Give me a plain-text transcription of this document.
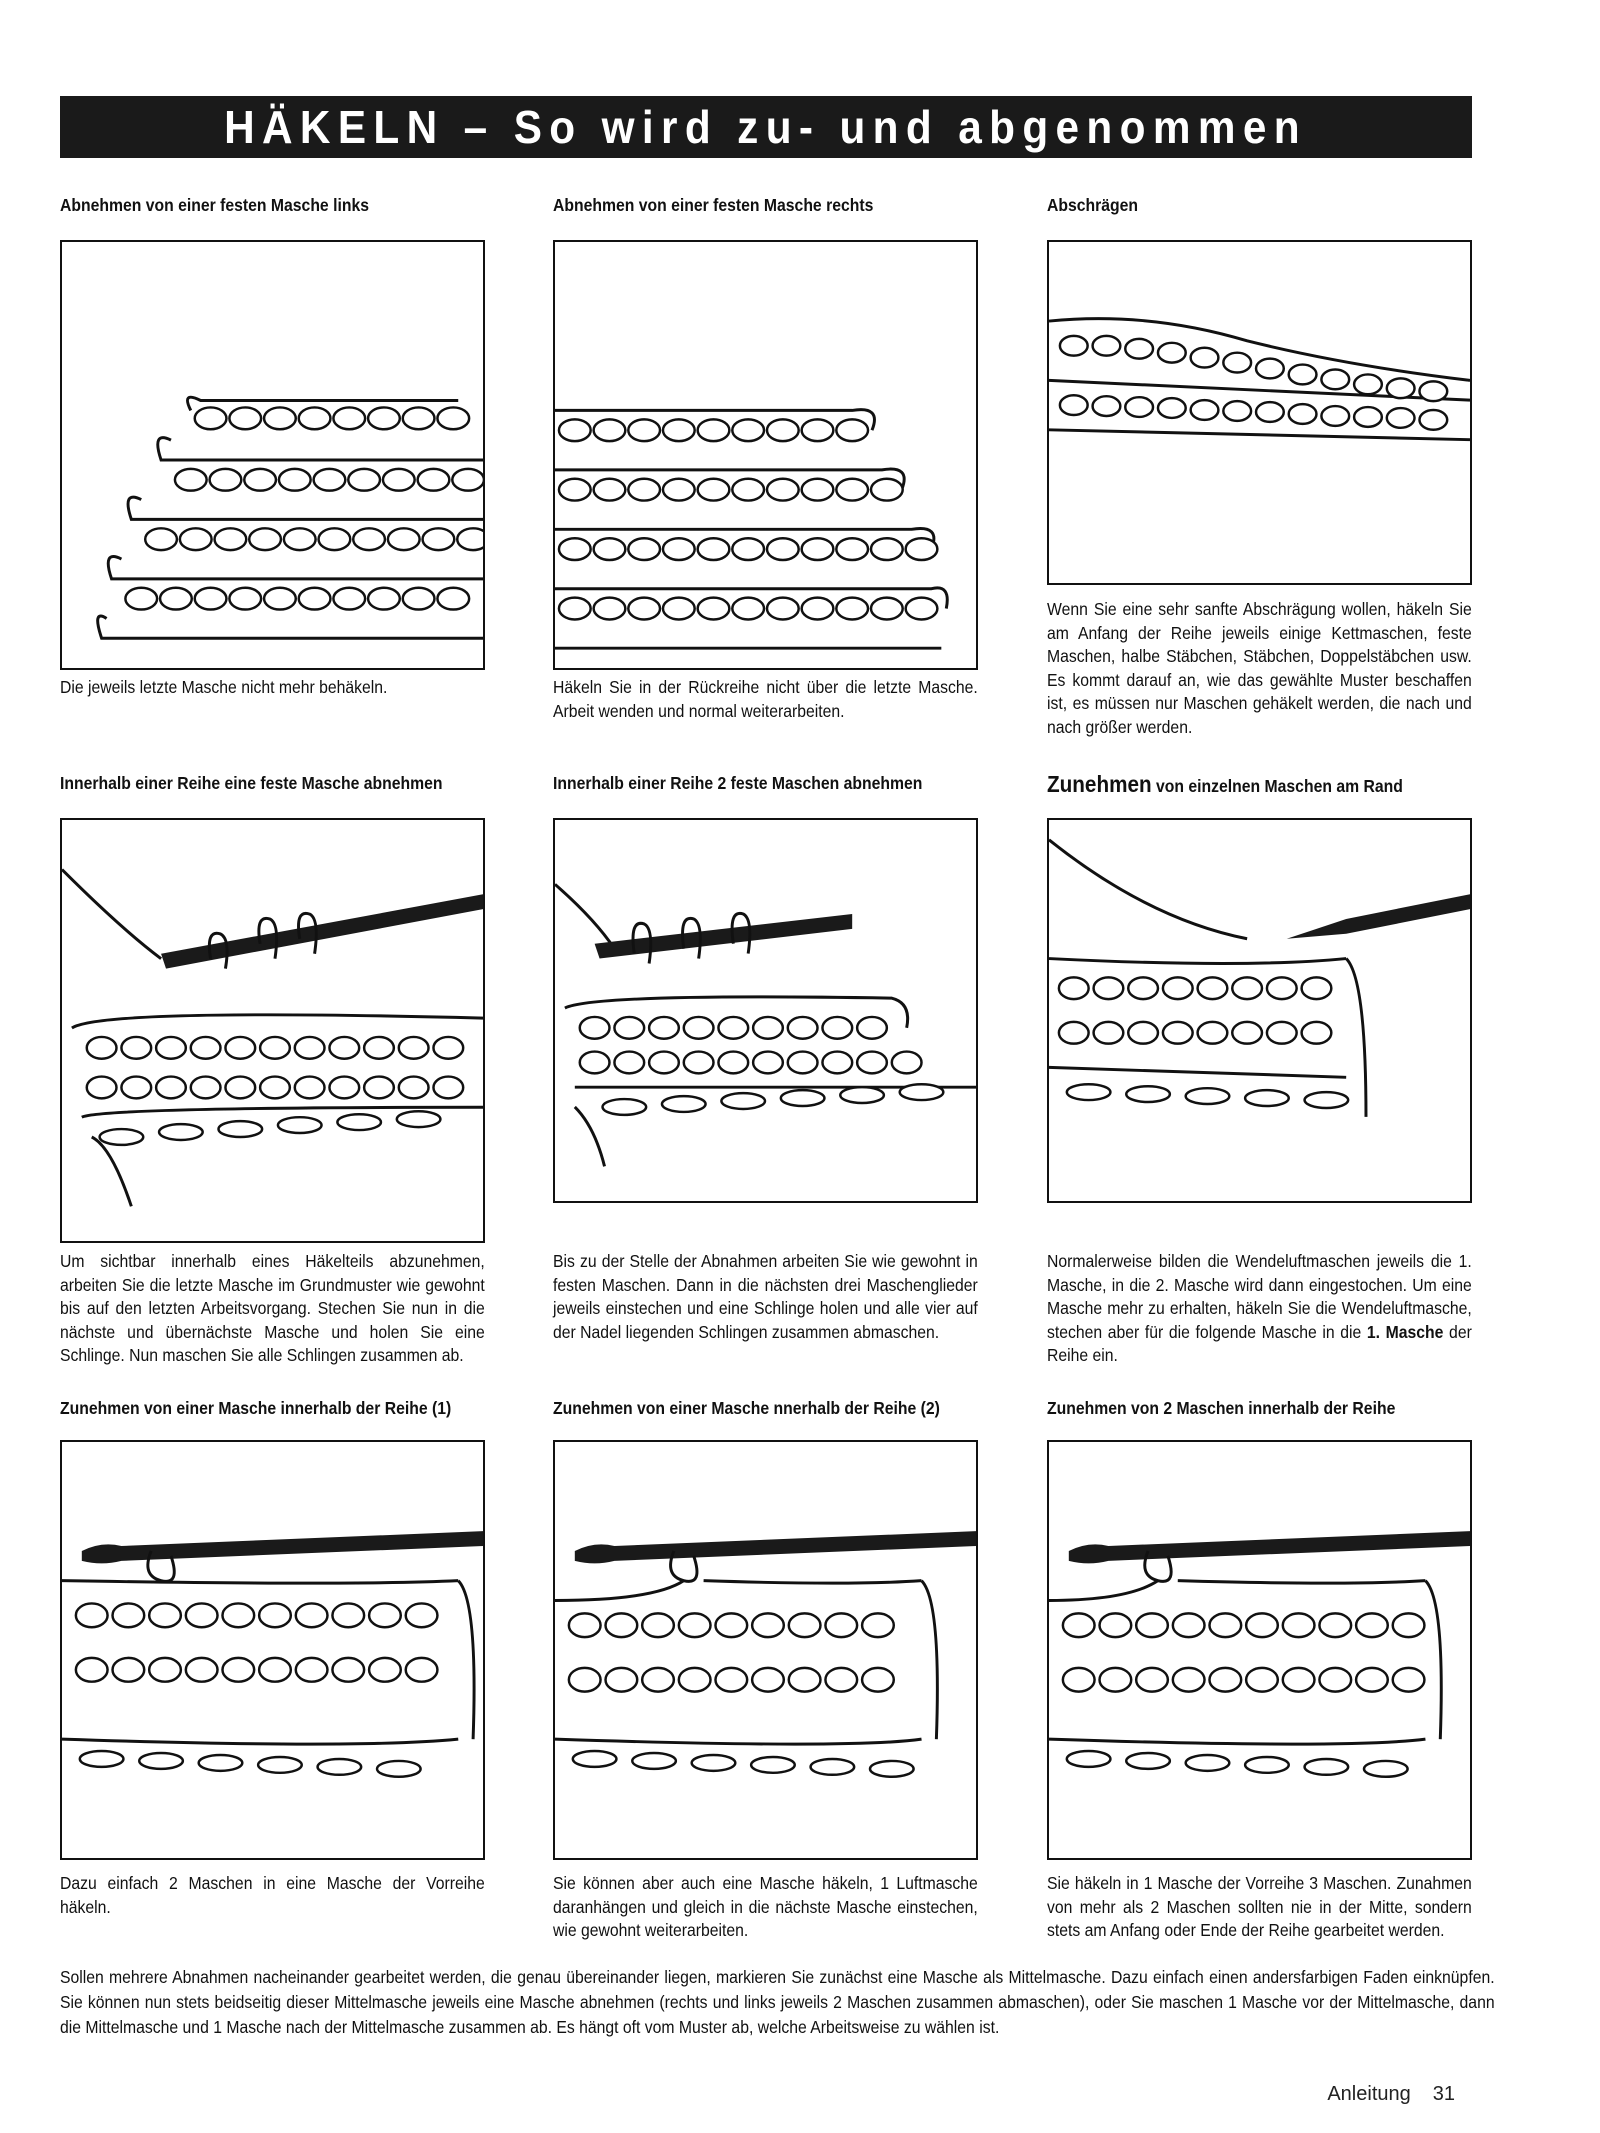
HÄKELN – So wird zu- und abgenommen
Abnehmen von einer festen Masche links	Abnehmen von einer festen Masche rechts	Abschrägen
Die jeweils letzte Masche nicht mehr behäkeln.	Häkeln Sie in der Rückreihe nicht über die letzte Masche. Arbeit wenden und normal weiterarbeiten.
Wenn Sie eine sehr sanfte Abschrägung wollen, häkeln Sie am Anfang der Reihe jeweils einige Kettmaschen, feste Maschen, halbe Stäbchen, Stäbchen, Doppelstäbchen usw. Es kommt darauf an, wie das gewählte Muster beschaffen ist, es müssen nur Maschen gehäkelt werden, die nach und nach größer werden.
Innerhalb einer Reihe eine feste Masche abnehmen	Innerhalb einer Reihe 2 feste Maschen abnehmen	Zunehmen von einzelnen Maschen am Rand
Um sichtbar innerhalb eines Häkelteils abzunehmen, arbeiten Sie die letzte Masche im Grundmuster wie gewohnt bis auf den letzten Arbeitsvorgang. Stechen Sie nun in die nächste und übernächste Masche und holen Sie eine Schlinge. Nun maschen Sie alle Schlingen zusammen ab.
Bis zu der Stelle der Abnahmen arbeiten Sie wie gewohnt in festen Maschen. Dann in die nächsten drei Maschenglieder jeweils einstechen und eine Schlinge holen und alle vier auf der Nadel liegenden Schlingen zusammen abmaschen.
Normalerweise bilden die Wendeluftmaschen jeweils die 1. Masche, in die 2. Masche wird dann eingestochen. Um eine Masche mehr zu erhalten, häkeln Sie die Wendeluftmasche, stechen aber für die folgende Masche in die 1. Masche der Reihe ein.
Zunehmen von einer Masche innerhalb der Reihe (1)	Zunehmen von einer Masche nnerhalb der Reihe (2)	Zunehmen von 2 Maschen innerhalb der Reihe
Dazu einfach 2 Maschen in eine Masche der Vorreihe häkeln.
Sie können aber auch eine Masche häkeln, 1 Luftmasche daranhängen und gleich in die nächste Masche einstechen, wie gewohnt weiterarbeiten.
Sie häkeln in 1 Masche der Vorreihe 3 Maschen. Zunahmen von mehr als 2 Maschen sollten nie in der Mitte, sondern stets am Anfang oder Ende der Reihe gearbeitet werden.
Sollen mehrere Abnahmen nacheinander gearbeitet werden, die genau übereinander liegen, markieren Sie zunächst eine Masche als Mittelmasche. Dazu einfach einen andersfarbigen Faden einknüpfen. Sie können nun stets beidseitig dieser Mittelmasche jeweils eine Masche abnehmen (rechts und links jeweils 2 Maschen zusammen abmaschen), oder Sie maschen 1 Masche vor der Mittelmasche, dann die Mittelmasche und 1 Masche nach der Mittelmasche zusammen ab. Es hängt oft vom Muster ab, welche Arbeitsweise zu wählen ist.
Anleitung 31
